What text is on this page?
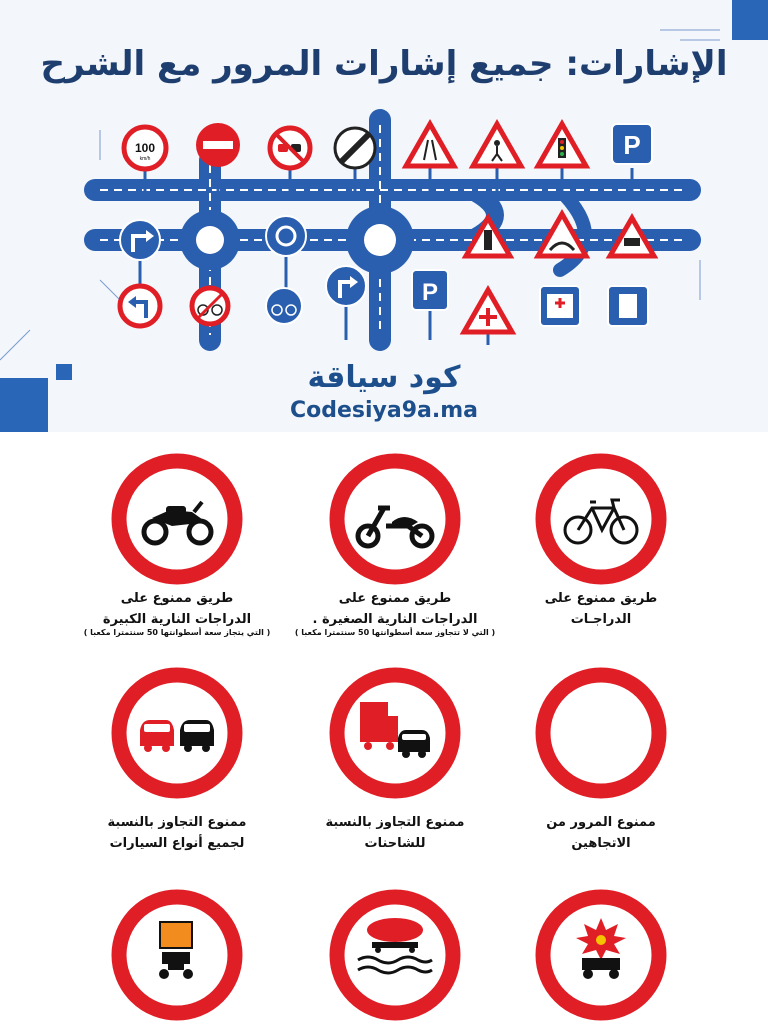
الإشارات: جميع إشارات المرور مع الشرح
100
km/h	P
P
كود سياقة
Codesiya9a.ma
طريق ممنوع على
الدراجات النارية الكبيرة
( التي يتجاز سعة أسطوانتها 50 سنتمترا مكعبا )
طريق ممنوع على
الدراجات النارية الصغيرة .
( التي لا تتجاوز سعة أسطوانتها 50 سنتمترا مكعبا )
طريق ممنوع على
الدراجـات
ممنوع التجاوز بالنسبة
لجميع أنواع السيارات
ممنوع التجاوز بالنسبة
للشاحنات
ممنوع المرور من
الاتجاهين
